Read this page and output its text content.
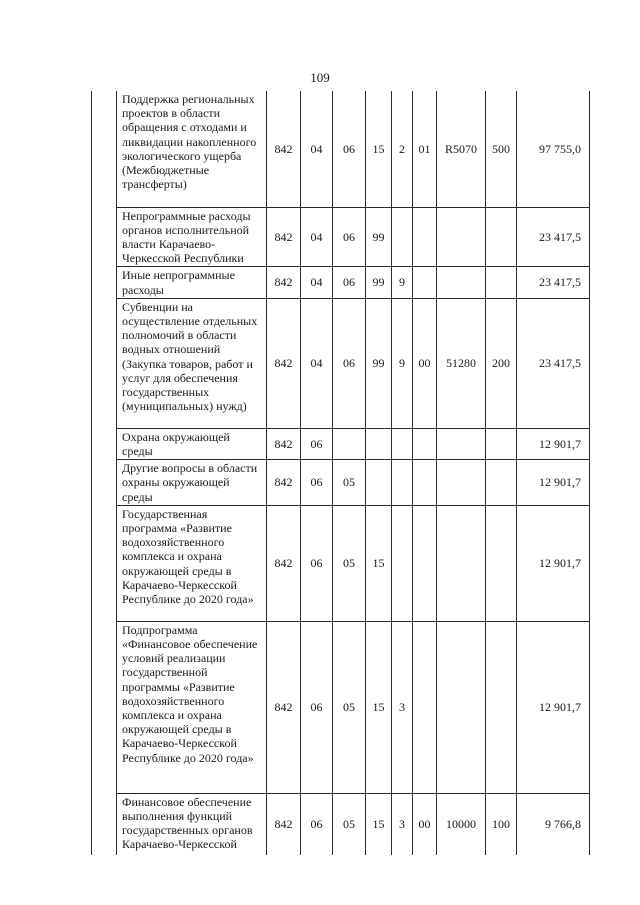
109
	Поддержка региональных проектов в области обращения с отходами и ликвидации накопленного экологического ущерба (Межбюджетные трансферты)	842	04	06	15	2	01	R5070	500	97 755,0
	Непрограммные расходы органов исполнительной власти Карачаево-Черкесской Республики	842	04	06	99					23 417,5
	Иные непрограммные расходы	842	04	06	99	9				23 417,5
	Субвенции на осуществление отдельных полномочий в области водных отношений (Закупка товаров, работ и услуг для обеспечения государственных (муниципальных) нужд)	842	04	06	99	9	00	51280	200	23 417,5
	Охрана окружающей среды	842	06							12 901,7
	Другие вопросы в области охраны окружающей среды	842	06	05						12 901,7
	Государственная программа «Развитие водохозяйственного комплекса и охрана окружающей среды в Карачаево-Черкесской Республике до 2020 года»	842	06	05	15					12 901,7
	Подпрограмма «Финансовое обеспечение условий реализации государственной программы «Развитие водохозяйственного комплекса и охрана окружающей среды в Карачаево-Черкесской Республике до 2020 года»	842	06	05	15	3				12 901,7
	Финансовое обеспечение выполнения функций государственных органов Карачаево-Черкесской	842	06	05	15	3	00	10000	100	9 766,8
